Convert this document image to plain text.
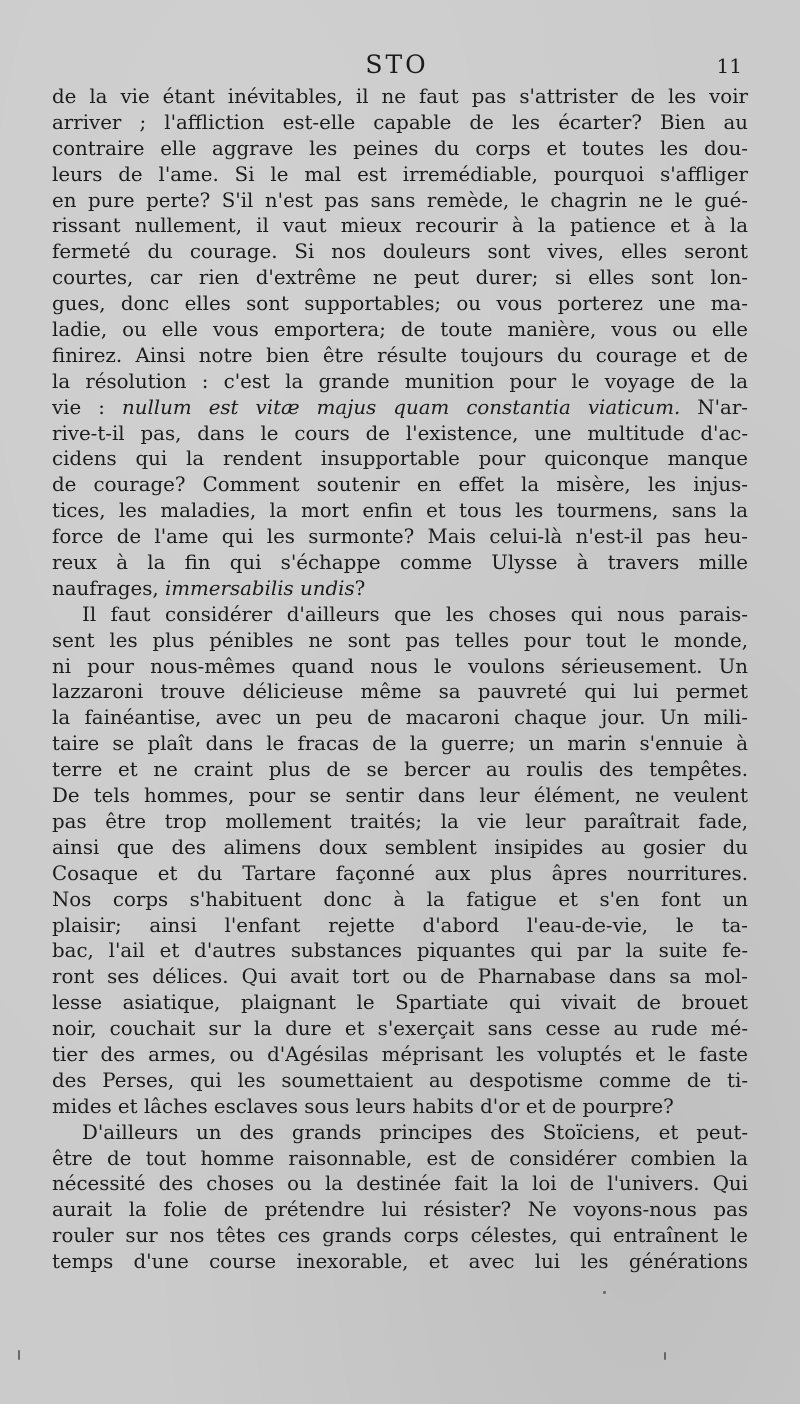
STO	11
de la vie étant inévitables, il ne faut pas s'attrister de les voir
arriver ; l'affliction est-elle capable de les écarter? Bien au
contraire elle aggrave les peines du corps et toutes les dou-
leurs de l'ame. Si le mal est irremédiable, pourquoi s'affliger
en pure perte? S'il n'est pas sans remède, le chagrin ne le gué-
rissant nullement, il vaut mieux recourir à la patience et à la
fermeté du courage. Si nos douleurs sont vives, elles seront
courtes, car rien d'extrême ne peut durer; si elles sont lon-
gues, donc elles sont supportables; ou vous porterez une ma-
ladie, ou elle vous emportera; de toute manière, vous ou elle
finirez. Ainsi notre bien être résulte toujours du courage et de
la résolution : c'est la grande munition pour le voyage de la
vie : nullum est vitæ majus quam constantia viaticum. N'ar-
rive-t-il pas, dans le cours de l'existence, une multitude d'ac-
cidens qui la rendent insupportable pour quiconque manque
de courage? Comment soutenir en effet la misère, les injus-
tices, les maladies, la mort enfin et tous les tourmens, sans la
force de l'ame qui les surmonte? Mais celui-là n'est-il pas heu-
reux à la fin qui s'échappe comme Ulysse à travers mille
naufrages, immersabilis undis?
Il faut considérer d'ailleurs que les choses qui nous parais-
sent les plus pénibles ne sont pas telles pour tout le monde,
ni pour nous-mêmes quand nous le voulons sérieusement. Un
lazzaroni trouve délicieuse même sa pauvreté qui lui permet
la fainéantise, avec un peu de macaroni chaque jour. Un mili-
taire se plaît dans le fracas de la guerre; un marin s'ennuie à
terre et ne craint plus de se bercer au roulis des tempêtes.
De tels hommes, pour se sentir dans leur élément, ne veulent
pas être trop mollement traités; la vie leur paraîtrait fade,
ainsi que des alimens doux semblent insipides au gosier du
Cosaque et du Tartare façonné aux plus âpres nourritures.
Nos corps s'habituent donc à la fatigue et s'en font un
plaisir; ainsi l'enfant rejette d'abord l'eau-de-vie, le ta-
bac, l'ail et d'autres substances piquantes qui par la suite fe-
ront ses délices. Qui avait tort ou de Pharnabase dans sa mol-
lesse asiatique, plaignant le Spartiate qui vivait de brouet
noir, couchait sur la dure et s'exerçait sans cesse au rude mé-
tier des armes, ou d'Agésilas méprisant les voluptés et le faste
des Perses, qui les soumettaient au despotisme comme de ti-
mides et lâches esclaves sous leurs habits d'or et de pourpre?
D'ailleurs un des grands principes des Stoïciens, et peut-
être de tout homme raisonnable, est de considérer combien la
nécessité des choses ou la destinée fait la loi de l'univers. Qui
aurait la folie de prétendre lui résister? Ne voyons-nous pas
rouler sur nos têtes ces grands corps célestes, qui entraînent le
temps d'une course inexorable, et avec lui les générations
